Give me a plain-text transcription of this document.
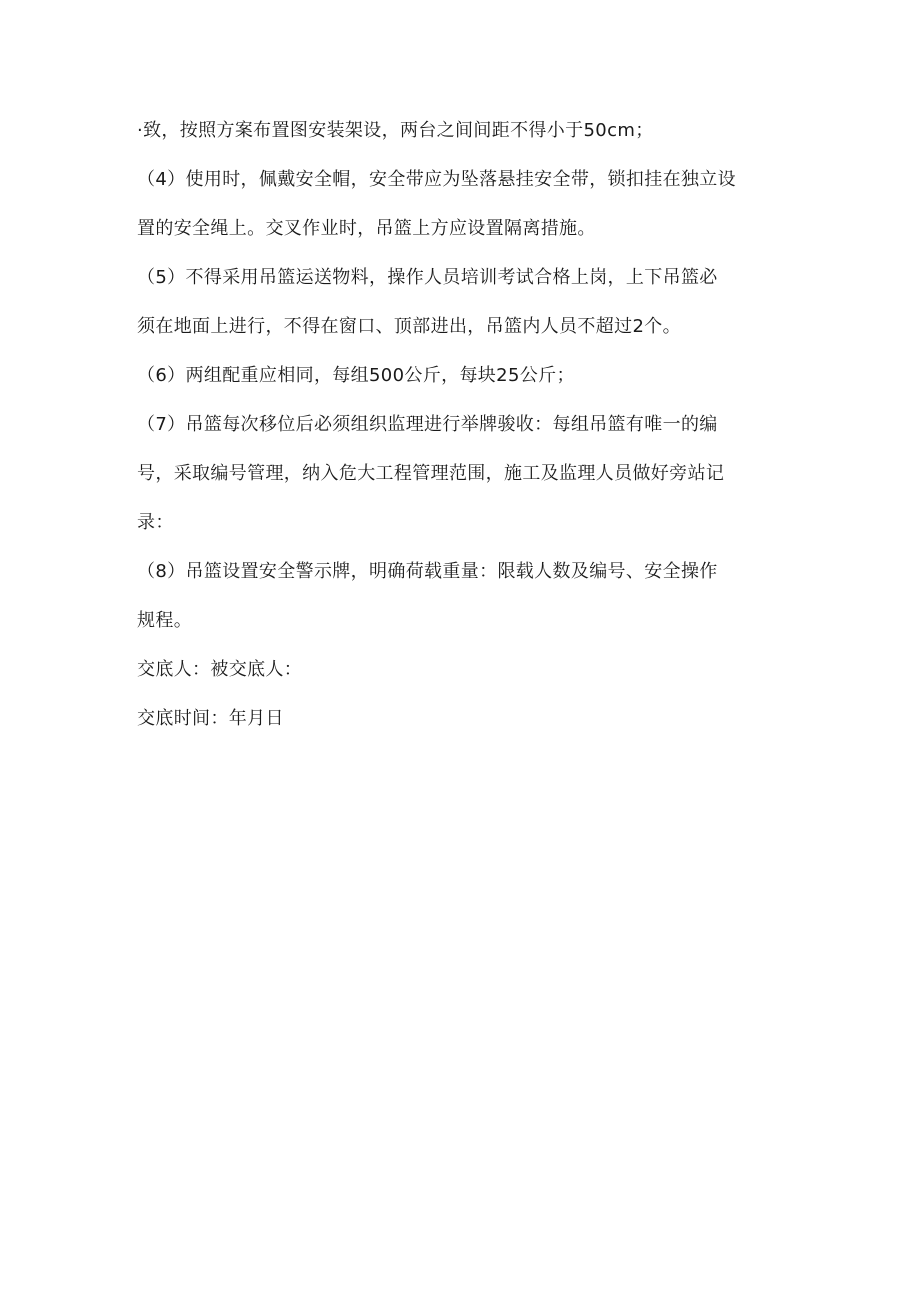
·致，按照方案布置图安装架设，两台之间间距不得小于50cm；
（4）使用时，佩戴安全帽，安全带应为坠落悬挂安全带，锁扣挂在独立设
置的安全绳上。交叉作业时，吊篮上方应设置隔离措施。
（5）不得采用吊篮运送物料，操作人员培训考试合格上岗，上下吊篮必
须在地面上进行，不得在窗口、顶部进出，吊篮内人员不超过2个。
（6）两组配重应相同，每组500公斤，每块25公斤；
（7）吊篮每次移位后必须组织监理进行举牌骏收：每组吊篮有唯一的编
号，采取编号管理，纳入危大工程管理范围，施工及监理人员做好旁站记
录：
（8）吊篮设置安全警示牌，明确荷载重量：限载人数及编号、安全操作
规程。
交底人：被交底人：
交底时间：年月日
